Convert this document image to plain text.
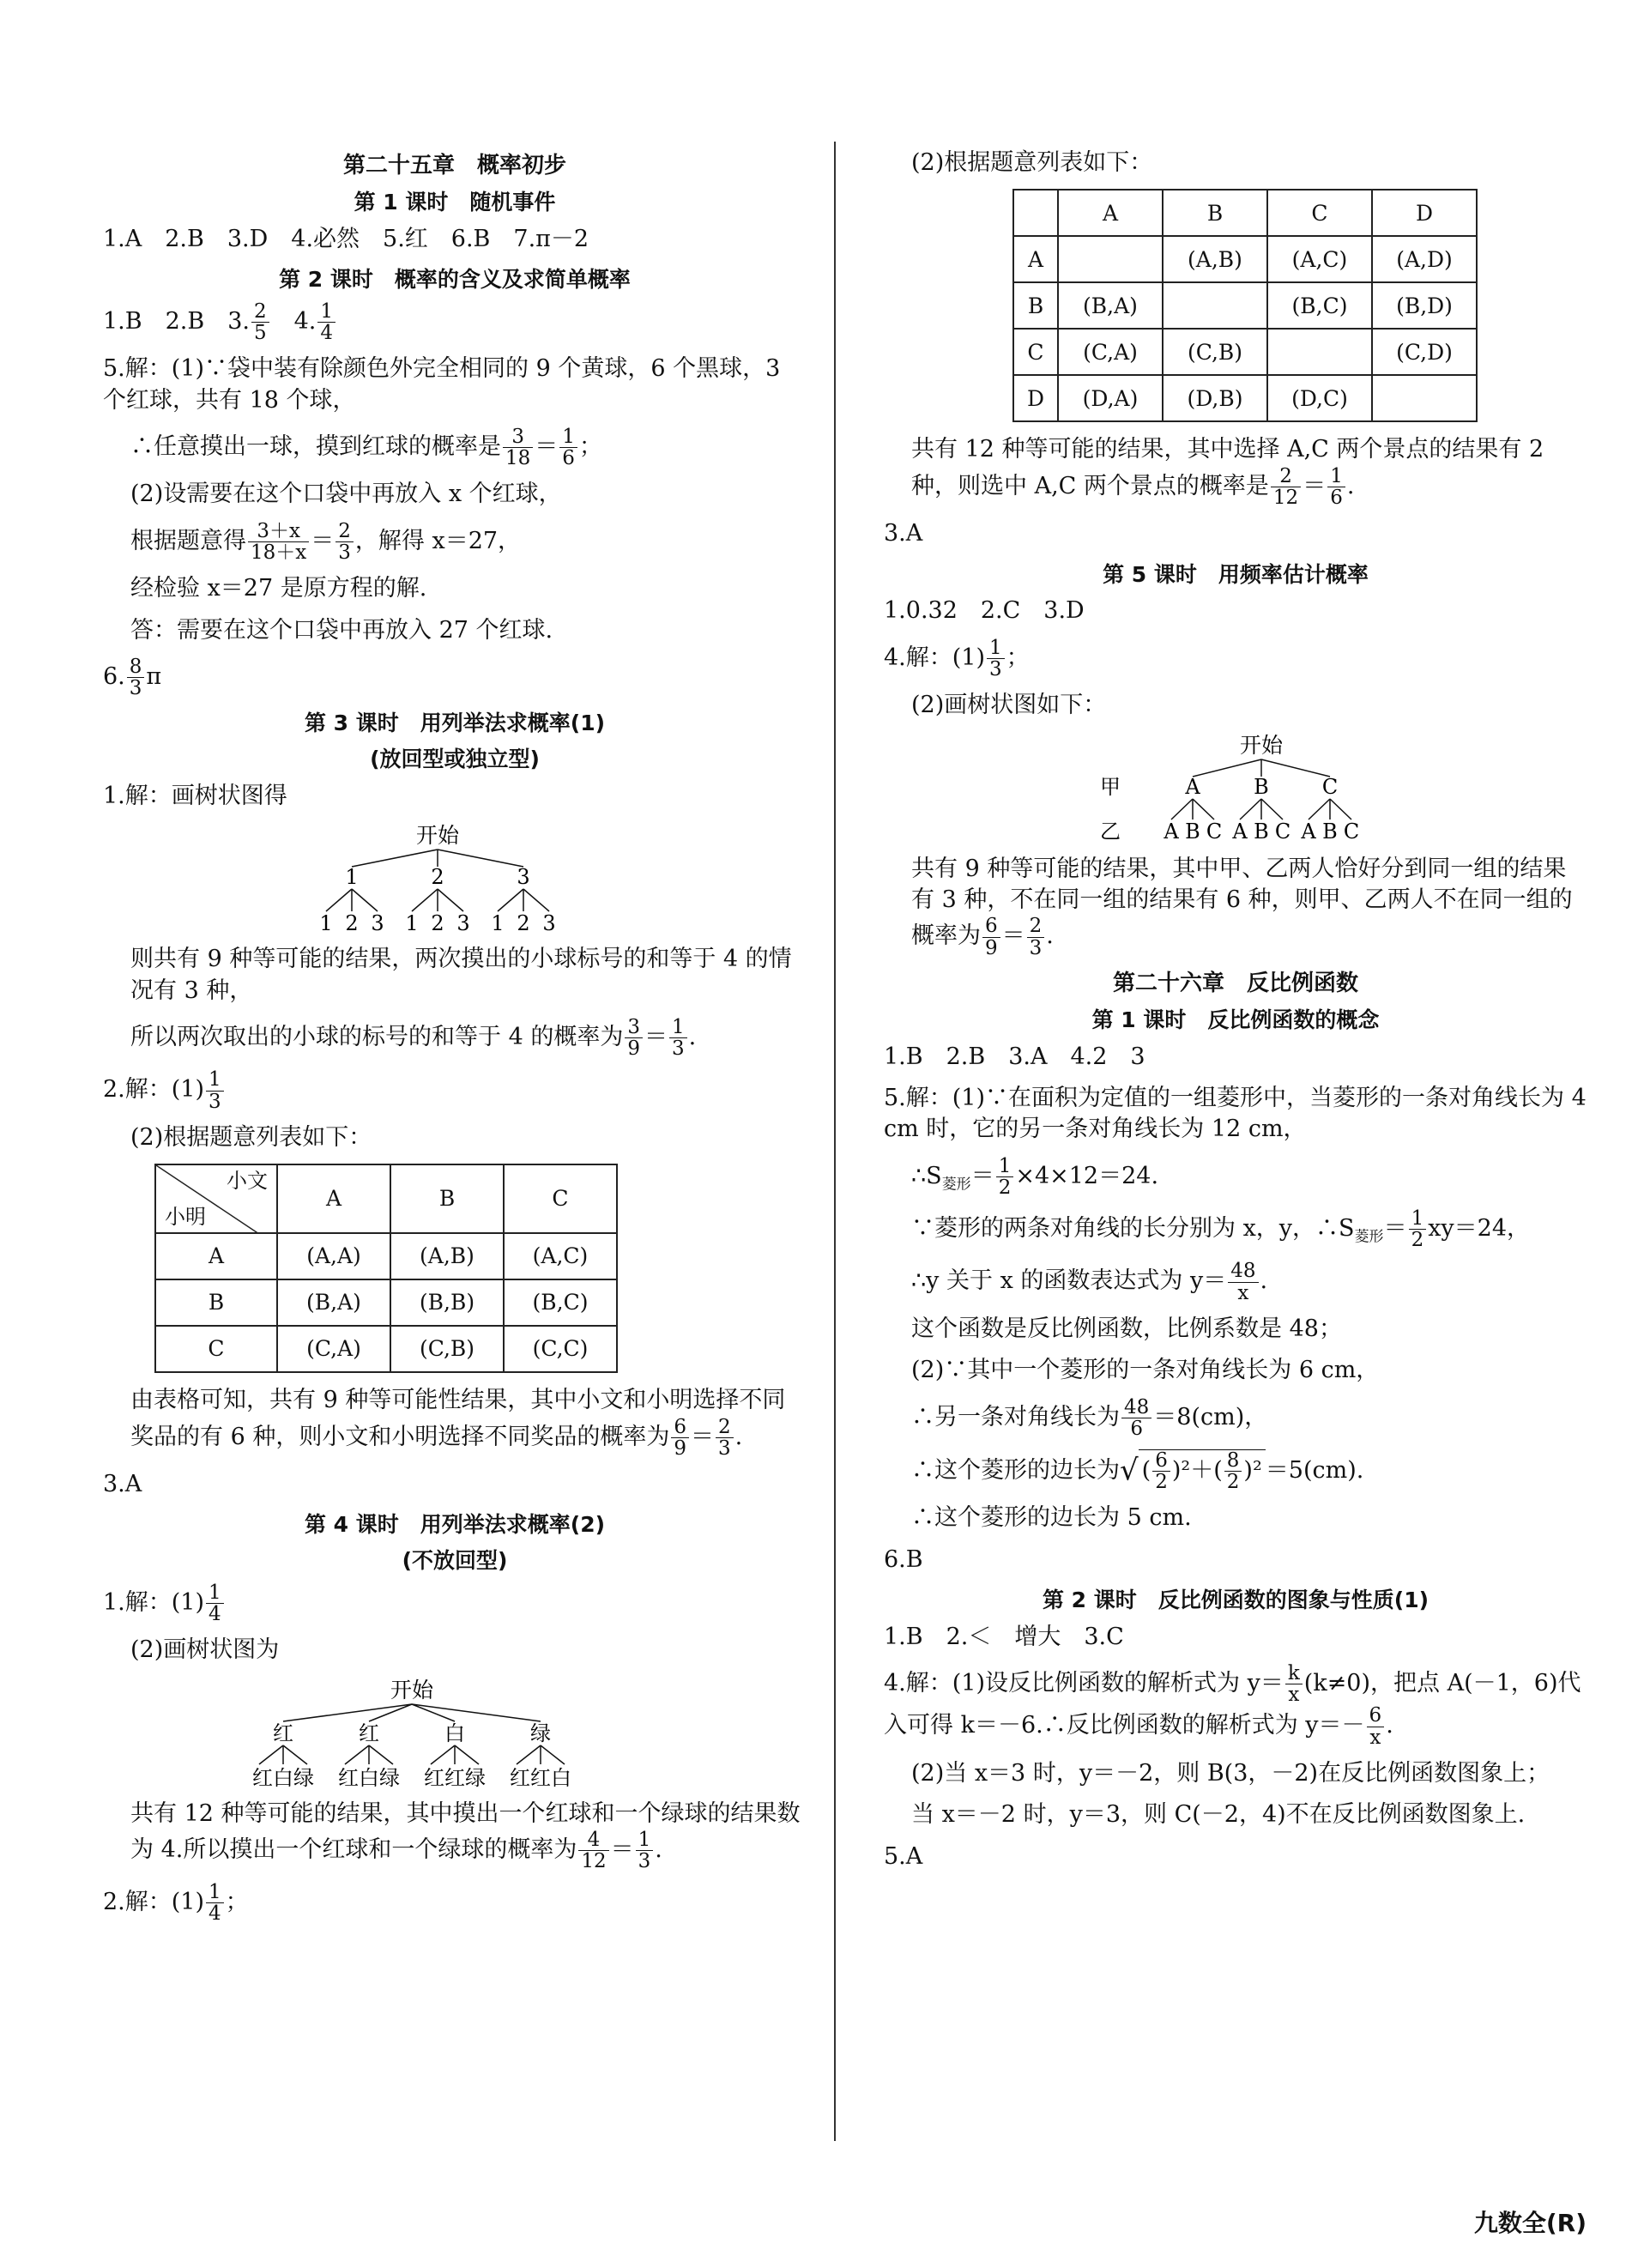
第二十五章　概率初步
第 1 课时　随机事件

1.A　2.B　3.D　4.必然　5.红　6.B　7.π－2

第 2 课时　概率的含义及求简单概率

1.B　2.B　3. $\frac{2}{5}$ 　4. $\frac{1}{4}$

5.解：(1)∵袋中装有除颜色外完全相同的 9 个黄球，6 个黑球，3 个红球，共有 18 个球，

∴任意摸出一球，摸到红球的概率是 $\frac{3}{18} = \frac{1}{6}$ ；

(2)设需要在这个口袋中再放入 x 个红球，

根据题意得 $\frac{3+x}{18+x} = \frac{2}{3}$ ，解得 x＝27，

经检验 x＝27 是原方程的解.

答：需要在这个口袋中再放入 27 个红球.

6. $\frac{8}{3}$ π

第 3 课时　用列举法求概率(1)
(放回型或独立型)

1.解：画树状图得

开始
1	2	3
1 2 3 1 2 3 1 2 3

则共有 9 种等可能的结果，两次摸出的小球标号的和等于 4 的情况有 3 种，

所以两次取出的小球的标号的和等于 4 的概率为 $\frac{3}{9} = \frac{1}{3}$ .

2.解：$(1) \frac{1}{3}$

(2)根据题意列表如下：

小文
小明	A	B	C
A	(A,A)	(A,B)	(A,C)
B	(B,A)	(B,B)	(B,C)
C	(C,A)	(C,B)	(C,C)

由表格可知，共有 9 种等可能性结果，其中小文和小明选择不同奖品的有 6 种，则小文和小明选择不同奖品的概率为 $\frac{6}{9} = \frac{2}{3}$ .

3.A

第 4 课时　用列举法求概率(2)
(不放回型)

1.解：$(1) \frac{1}{4}$

(2)画树状图为

开始
红	红	白	绿
红白绿 红白绿 红红绿 红红白

共有 12 种等可能的结果，其中摸出一个红球和一个绿球的结果数为 4.所以摸出一个红球和一个绿球的概率为 $\frac{4}{12} = \frac{1}{3}$ .

2.解：$(1) \frac{1}{4}$ ；

(2)根据题意列表如下：

	A	B	C	D
A		(A,B)	(A,C)	(A,D)
B	(B,A)		(B,C)	(B,D)
C	(C,A)	(C,B)		(C,D)
D	(D,A)	(D,B)	(D,C)	

共有 12 种等可能的结果，其中选择 A,C 两个景点的结果有 2 种，则选中 A,C 两个景点的概率是 $\frac{2}{12} = \frac{1}{6}$ .

3.A

第 5 课时　用频率估计概率

1.0.32　2.C　3.D

4.解：$(1) \frac{1}{3}$ ；

(2)画树状图如下：

开始
甲
乙
A	B	C
A B C A B C A B C

共有 9 种等可能的结果，其中甲、乙两人恰好分到同一组的结果有 3 种，不在同一组的结果有 6 种，则甲、乙两人不在同一组的概率为 $\frac{6}{9} = \frac{2}{3}$ .

第二十六章　反比例函数
第 1 课时　反比例函数的概念

1.B　2.B　3.A　4.2　3

5.解：(1)∵在面积为定值的一组菱形中，当菱形的一条对角线长为 4 cm 时，它的另一条对角线长为 12 cm，

$\therefore S_{菱形}= \frac{1}{2} \times 4\times 12=24$.

∵菱形的两条对角线的长分别为 x，y，$\therefore S_{菱形}= \frac{1}{2} xy=24$，

∴y 关于 x 的函数表达式为 $y= \frac{48}{x}$ .

这个函数是反比例函数，比例系数是 48；

(2)∵其中一个菱形的一条对角线长为 6 cm，

∴另一条对角线长为 $\frac{48}{6} =8(cm)$，

∴这个菱形的边长为√ ( $\frac{6}{2} )^2+( \frac{8}{2} )^2 =5(cm)$.

∴这个菱形的边长为 5 cm.

6.B

第 2 课时　反比例函数的图象与性质(1)

1.B　2.＜　增大　3.C

4.解：(1)设反比例函数的解析式为 $y= \frac{k}{x} (k\ne 0)$，把点 A(－1，6)代入可得 k＝－6.∴反比例函数的解析式为 $y=- \frac{6}{x}$ .

(2)当 x＝3 时，y＝－2，则 B(3，－2)在反比例函数图象上；

当 x＝－2 时，y＝3，则 C(－2，4)不在反比例函数图象上.

5.A

九数全(R)
